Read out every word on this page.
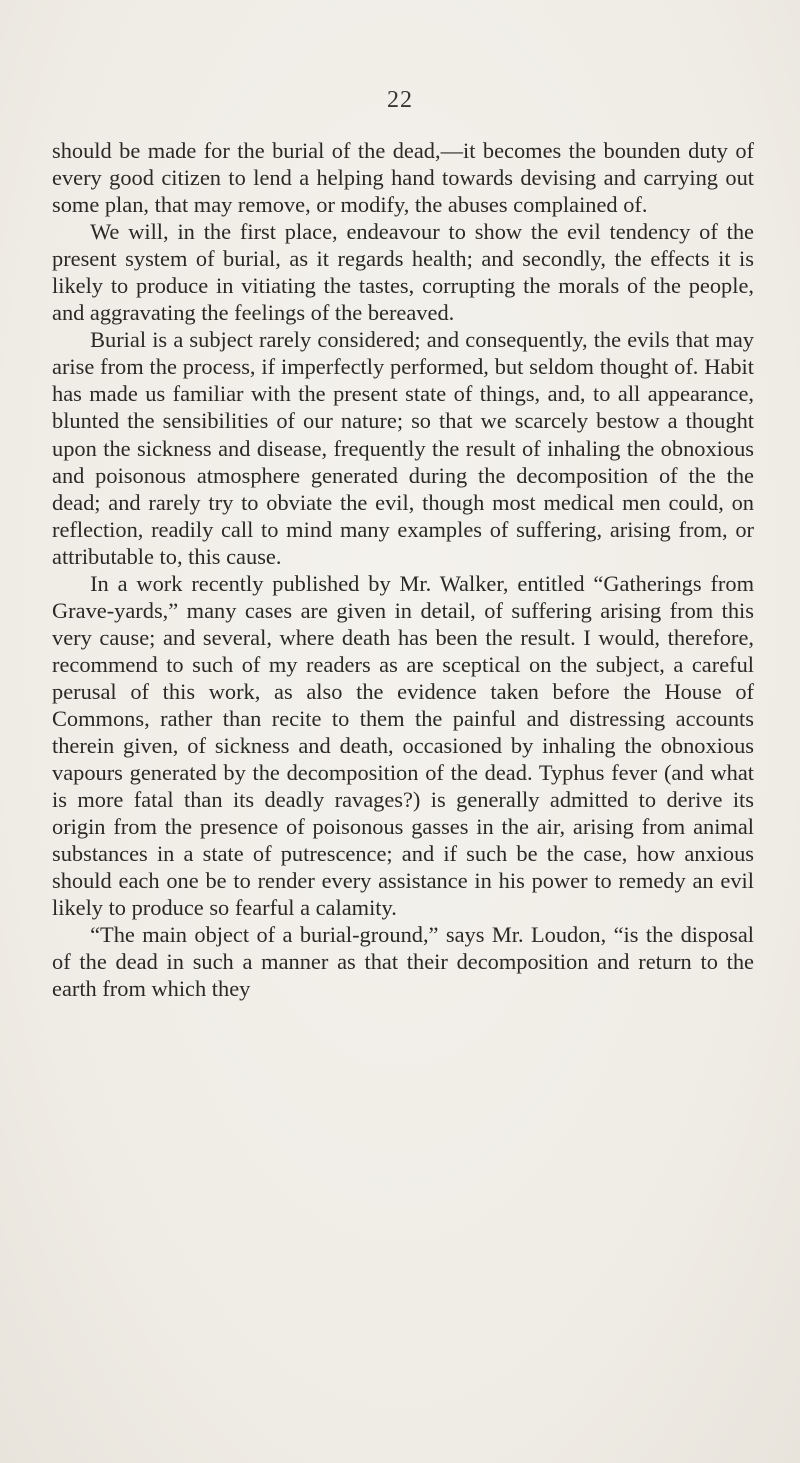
22

should be made for the burial of the dead,—it becomes the bounden duty of every good citizen to lend a helping hand towards devising and carrying out some plan, that may remove, or modify, the abuses complained of.

We will, in the first place, endeavour to show the evil tendency of the present system of burial, as it regards health; and secondly, the effects it is likely to produce in vitiating the tastes, corrupting the morals of the people, and aggravating the feelings of the bereaved.

Burial is a subject rarely considered; and consequently, the evils that may arise from the process, if imperfectly performed, but seldom thought of. Habit has made us familiar with the present state of things, and, to all appearance, blunted the sensibilities of our nature; so that we scarcely bestow a thought upon the sickness and disease, frequently the result of inhaling the obnoxious and poisonous atmosphere generated during the decomposition of the the dead; and rarely try to obviate the evil, though most medical men could, on reflection, readily call to mind many examples of suffering, arising from, or attributable to, this cause.

In a work recently published by Mr. Walker, entitled “Gatherings from Grave-yards,” many cases are given in detail, of suffering arising from this very cause; and several, where death has been the result. I would, therefore, recommend to such of my readers as are sceptical on the subject, a careful perusal of this work, as also the evidence taken before the House of Commons, rather than recite to them the painful and distressing accounts therein given, of sickness and death, occasioned by inhaling the obnoxious vapours generated by the decomposition of the dead. Typhus fever (and what is more fatal than its deadly ravages?) is generally admitted to derive its origin from the presence of poisonous gasses in the air, arising from animal substances in a state of putrescence; and if such be the case, how anxious should each one be to render every assistance in his power to remedy an evil likely to produce so fearful a calamity.

“The main object of a burial-ground,” says Mr. Loudon, “is the disposal of the dead in such a manner as that their decomposition and return to the earth from which they
